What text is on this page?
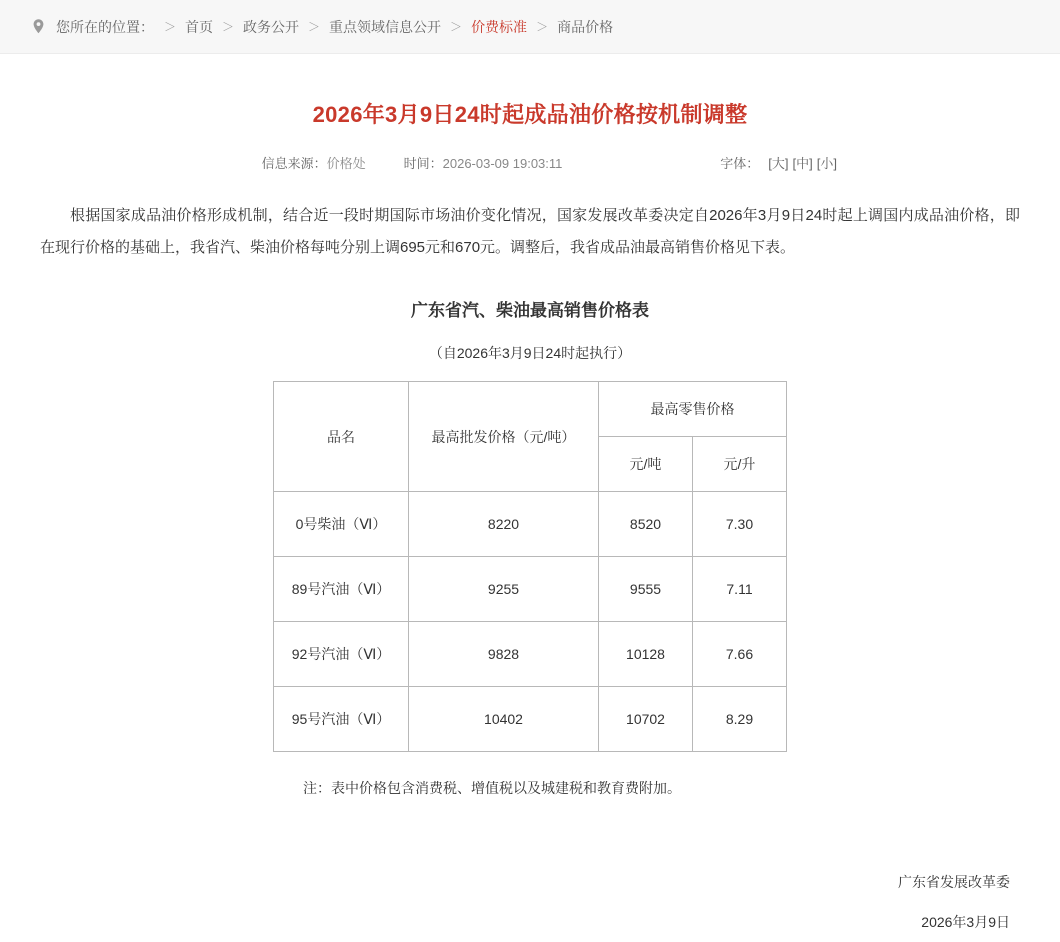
您所在的位置： ＞ 首页 ＞ 政务公开 ＞ 重点领域信息公开 ＞ 价费标准 ＞ 商品价格
2026年3月9日24时起成品油价格按机制调整
信息来源：价格处	时间：2026-03-09 19:03:11	字体： [大] [中] [小]

根据国家成品油价格形成机制，结合近一段时期国际市场油价变化情况，国家发展改革委决定自2026年3月9日24时起上调国内成品油价格，即在现行价格的基础上，我省汽、柴油价格每吨分别上调695元和670元。调整后，我省成品油最高销售价格见下表。

广东省汽、柴油最高销售价格表
（自2026年3月9日24时起执行）
品名	最高批发价格（元/吨）	最高零售价格	
		元/吨	元/升
0号柴油（Ⅵ）	8220	8520	7.30
89号汽油（Ⅵ）	9255	9555	7.11
92号汽油（Ⅵ）	9828	10128	7.66
95号汽油（Ⅵ）	10402	10702	8.29
注：表中价格包含消费税、增值税以及城建税和教育费附加。
广东省发展改革委
2026年3月9日
